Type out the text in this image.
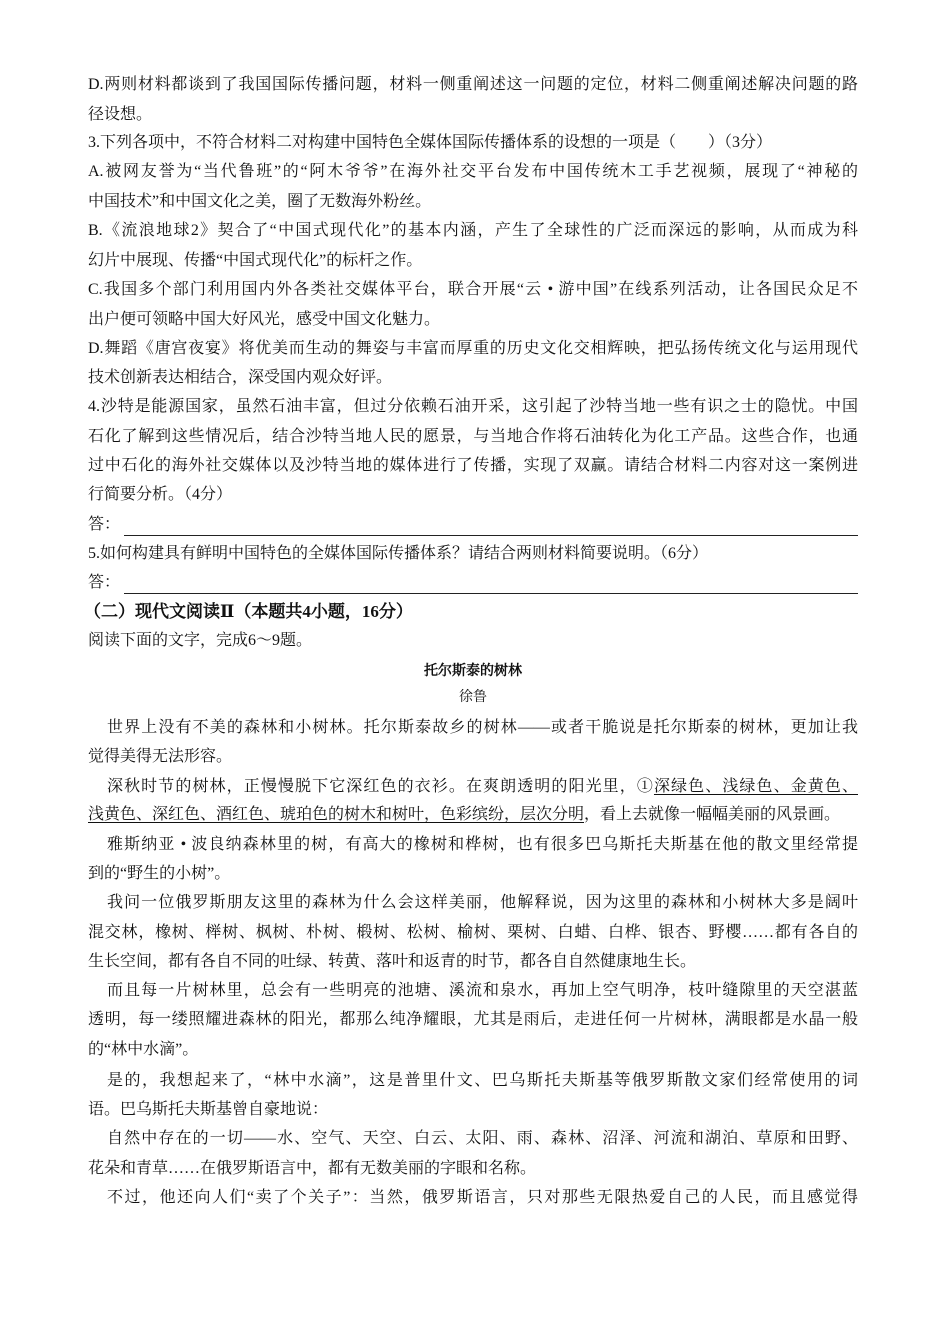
D.两则材料都谈到了我国国际传播问题，材料一侧重阐述这一问题的定位，材料二侧重阐述解决问题的路
径设想。
3.下列各项中，不符合材料二对构建中国特色全媒体国际传播体系的设想的一项是（　　）（3分）
A.被网友誉为“当代鲁班”的“阿木爷爷”在海外社交平台发布中国传统木工手艺视频，展现了“神秘的
中国技术”和中国文化之美，圈了无数海外粉丝。
B.《流浪地球2》契合了“中国式现代化”的基本内涵，产生了全球性的广泛而深远的影响，从而成为科
幻片中展现、传播“中国式现代化”的标杆之作。
C.我国多个部门利用国内外各类社交媒体平台，联合开展“云 • 游中国”在线系列活动，让各国民众足不
出户便可领略中国大好风光，感受中国文化魅力。
D.舞蹈《唐宫夜宴》将优美而生动的舞姿与丰富而厚重的历史文化交相辉映，把弘扬传统文化与运用现代
技术创新表达相结合，深受国内观众好评。
4.沙特是能源国家，虽然石油丰富，但过分依赖石油开采，这引起了沙特当地一些有识之士的隐忧。中国
石化了解到这些情况后，结合沙特当地人民的愿景，与当地合作将石油转化为化工产品。这些合作，也通
过中石化的海外社交媒体以及沙特当地的媒体进行了传播，实现了双赢。请结合材料二内容对这一案例进
行简要分析。（4分）
答：
5.如何构建具有鲜明中国特色的全媒体国际传播体系？请结合两则材料简要说明。（6分）
答：
（二）现代文阅读Ⅱ（本题共4小题，16分）
阅读下面的文字，完成6～9题。
托尔斯泰的树林
徐鲁
世界上没有不美的森林和小树林。托尔斯泰故乡的树林——或者干脆说是托尔斯泰的树林，更加让我
觉得美得无法形容。
深秋时节的树林，正慢慢脱下它深红色的衣衫。在爽朗透明的阳光里，①深绿色、浅绿色、金黄色、
浅黄色、深红色、酒红色、琥珀色的树木和树叶，色彩缤纷，层次分明，看上去就像一幅幅美丽的风景画。
雅斯纳亚 • 波良纳森林里的树，有高大的橡树和桦树，也有很多巴乌斯托夫斯基在他的散文里经常提
到的“野生的小树”。
我问一位俄罗斯朋友这里的森林为什么会这样美丽，他解释说，因为这里的森林和小树林大多是阔叶
混交林，橡树、榉树、枫树、朴树、椴树、松树、榆树、栗树、白蜡、白桦、银杏、野樱……都有各自的
生长空间，都有各自不同的吐绿、转黄、落叶和返青的时节，都各自自然健康地生长。
而且每一片树林里，总会有一些明亮的池塘、溪流和泉水，再加上空气明净，枝叶缝隙里的天空湛蓝
透明，每一缕照耀进森林的阳光，都那么纯净耀眼，尤其是雨后，走进任何一片树林，满眼都是水晶一般
的“林中水滴”。
是的，我想起来了，“林中水滴”，这是普里什文、巴乌斯托夫斯基等俄罗斯散文家们经常使用的词
语。巴乌斯托夫斯基曾自豪地说：
自然中存在的一切——水、空气、天空、白云、太阳、雨、森林、沼泽、河流和湖泊、草原和田野、
花朵和青草……在俄罗斯语言中，都有无数美丽的字眼和名称。
不过，他还向人们“卖了个关子”：当然，俄罗斯语言，只对那些无限热爱自己的人民，而且感觉得
